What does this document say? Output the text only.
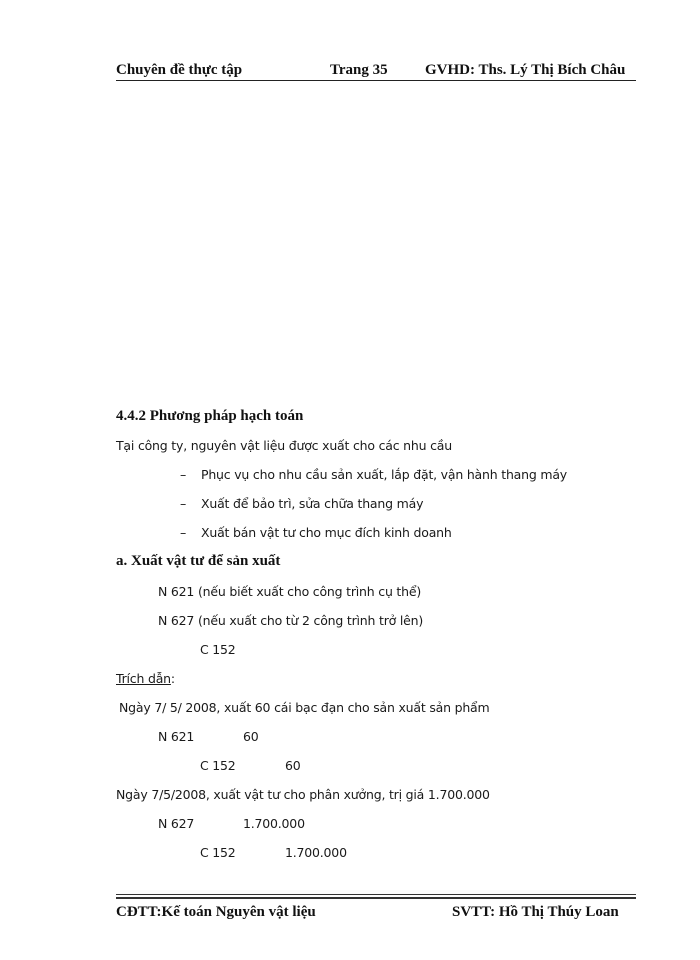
Chuyên đề thực tập	Trang 35 GVHD: Ths. Lý Thị Bích Châu
4.4.2 Phương pháp hạch toán
Tại công ty, nguyên vật liệu được xuất cho các nhu cầu
– Phục vụ cho nhu cầu sản xuất, lắp đặt, vận hành thang máy
– Xuất để bảo trì, sửa chữa thang máy
– Xuất bán vật tư cho mục đích kinh doanh
a. Xuất vật tư để sản xuất
N 621 (nếu biết xuất cho công trình cụ thể)
N 627 (nếu xuất cho từ 2 công trình trở lên)
C 152
Trích dẫn:
Ngày 7/ 5/ 2008, xuất 60 cái bạc đạn cho sản xuất sản phẩm
N 621	60
C 152	60
Ngày 7/5/2008, xuất vật tư cho phân xưởng, trị giá 1.700.000
N 627	1.700.000
C 152	1.700.000
CĐTT:Kế toán Nguyên vật liệu	SVTT: Hồ Thị Thúy Loan
